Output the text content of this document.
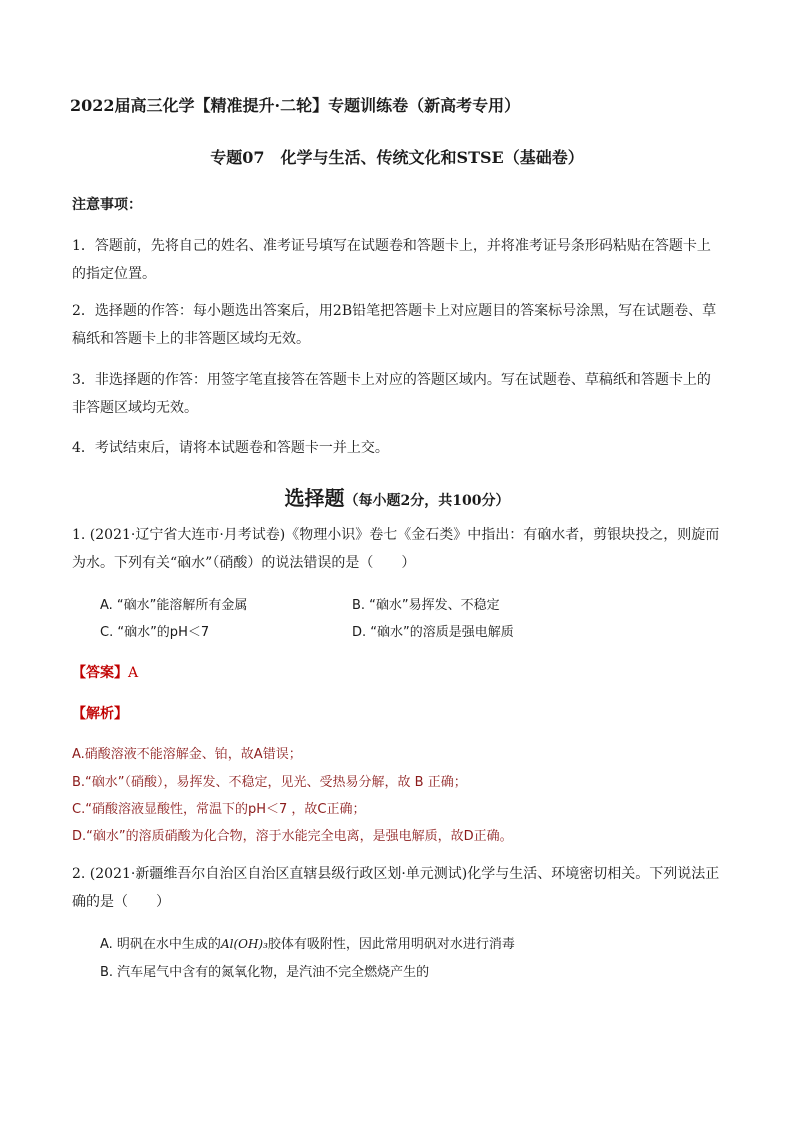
2022届高三化学【精准提升·二轮】专题训练卷（新高考专用）
专题07　化学与生活、传统文化和STSE（基础卷）
注意事项：
1．答题前，先将自己的姓名、准考证号填写在试题卷和答题卡上，并将准考证号条形码粘贴在答题卡上的指定位置。
2．选择题的作答：每小题选出答案后，用2B铅笔把答题卡上对应题目的答案标号涂黑，写在试题卷、草稿纸和答题卡上的非答题区域均无效。
3．非选择题的作答：用签字笔直接答在答题卡上对应的答题区域内。写在试题卷、草稿纸和答题卡上的非答题区域均无效。
4．考试结束后，请将本试题卷和答题卡一并上交。
选择题（每小题2分，共100分）
1. (2021·辽宁省大连市·月考试卷)《物理小识》卷七《金石类》中指出：有硇水者，剪银块投之，则旋而为水。下列有关“硇水”（硝酸）的说法错误的是（　　）
A. “硇水”能溶解所有金属	B. “硇水”易挥发、不稳定
C. “硇水”的pH＜7	D. “硇水”的溶质是强电解质
【答案】A
【解析】
A.硝酸溶液不能溶解金、铂，故A错误；
B.“硇水”（硝酸），易挥发、不稳定，见光、受热易分解，故 B 正确；
C.“硝酸溶液显酸性，常温下的pH＜7 ，故C正确；
D.“硇水”的溶质硝酸为化合物，溶于水能完全电离，是强电解质，故D正确。
2. (2021·新疆维吾尔自治区自治区直辖县级行政区划·单元测试)化学与生活、环境密切相关。下列说法正确的是（　　）
A. 明矾在水中生成的Al(OH)₃胶体有吸附性，因此常用明矾对水进行消毒
B. 汽车尾气中含有的氮氧化物，是汽油不完全燃烧产生的
